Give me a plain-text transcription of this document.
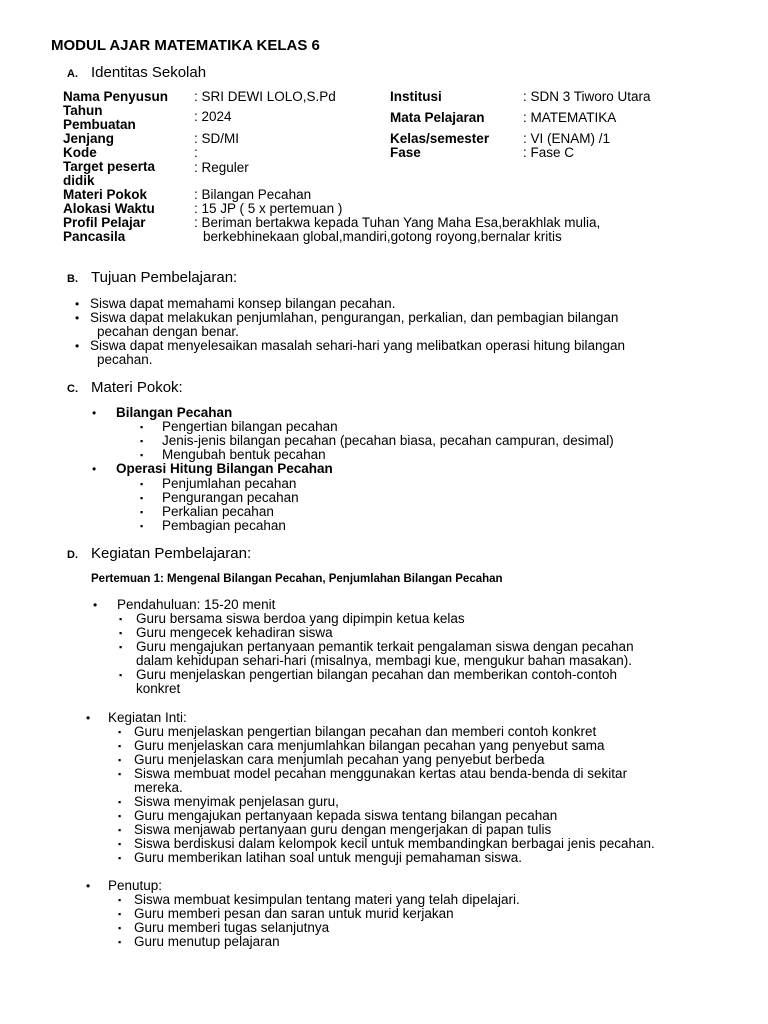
MODUL AJAR MATEMATIKA KELAS 6
A. Identitas Sekolah
Nama Penyusun
Tahun
Pembuatan
Jenjang
Kode
Target peserta
didik
Materi Pokok
Alokasi Waktu
Profil Pelajar
Pancasila
: SRI DEWI LOLO,S.Pd
: 2024
: SD/MI
:
: Reguler
: Bilangan Pecahan
: 15 JP ( 5 x pertemuan )
: Beriman bertakwa kepada Tuhan Yang Maha Esa,berakhlak mulia,
berkebhinekaan global,mandiri,gotong royong,bernalar kritis
Institusi
Mata Pelajaran
Kelas/semester
Fase
: SDN 3 Tiworo Utara
: MATEMATIKA
: VI (ENAM) /1
: Fase C
B. Tujuan Pembelajaran:
• Siswa dapat memahami konsep bilangan pecahan.
• Siswa dapat melakukan penjumlahan, pengurangan, perkalian, dan pembagian bilangan
pecahan dengan benar.
• Siswa dapat menyelesaikan masalah sehari-hari yang melibatkan operasi hitung bilangan
pecahan.
C. Materi Pokok:
• Bilangan Pecahan
▪ Pengertian bilangan pecahan
▪ Jenis-jenis bilangan pecahan (pecahan biasa, pecahan campuran, desimal)
▪ Mengubah bentuk pecahan
• Operasi Hitung Bilangan Pecahan
▪ Penjumlahan pecahan
▪ Pengurangan pecahan
▪ Perkalian pecahan
▪ Pembagian pecahan
D. Kegiatan Pembelajaran:
Pertemuan 1: Mengenal Bilangan Pecahan, Penjumlahan Bilangan Pecahan
• Pendahuluan: 15-20 menit
▪ Guru bersama siswa berdoa yang dipimpin ketua kelas
▪ Guru mengecek kehadiran siswa
▪ Guru mengajukan pertanyaan pemantik terkait pengalaman siswa dengan pecahan
dalam kehidupan sehari-hari (misalnya, membagi kue, mengukur bahan masakan).
▪ Guru menjelaskan pengertian bilangan pecahan dan memberikan contoh-contoh
konkret
• Kegiatan Inti:
▪ Guru menjelaskan pengertian bilangan pecahan dan memberi contoh konkret
▪ Guru menjelaskan cara menjumlahkan bilangan pecahan yang penyebut sama
▪ Guru menjelaskan cara menjumlah pecahan yang penyebut berbeda
▪ Siswa membuat model pecahan menggunakan kertas atau benda-benda di sekitar
mereka.
▪ Siswa menyimak penjelasan guru,
▪ Guru mengajukan pertanyaan kepada siswa tentang bilangan pecahan
▪ Siswa menjawab pertanyaan guru dengan mengerjakan di papan tulis
▪ Siswa berdiskusi dalam kelompok kecil untuk membandingkan berbagai jenis pecahan.
▪ Guru memberikan latihan soal untuk menguji pemahaman siswa.
• Penutup:
▪ Siswa membuat kesimpulan tentang materi yang telah dipelajari.
▪ Guru memberi pesan dan saran untuk murid kerjakan
▪ Guru memberi tugas selanjutnya
▪ Guru menutup pelajaran
